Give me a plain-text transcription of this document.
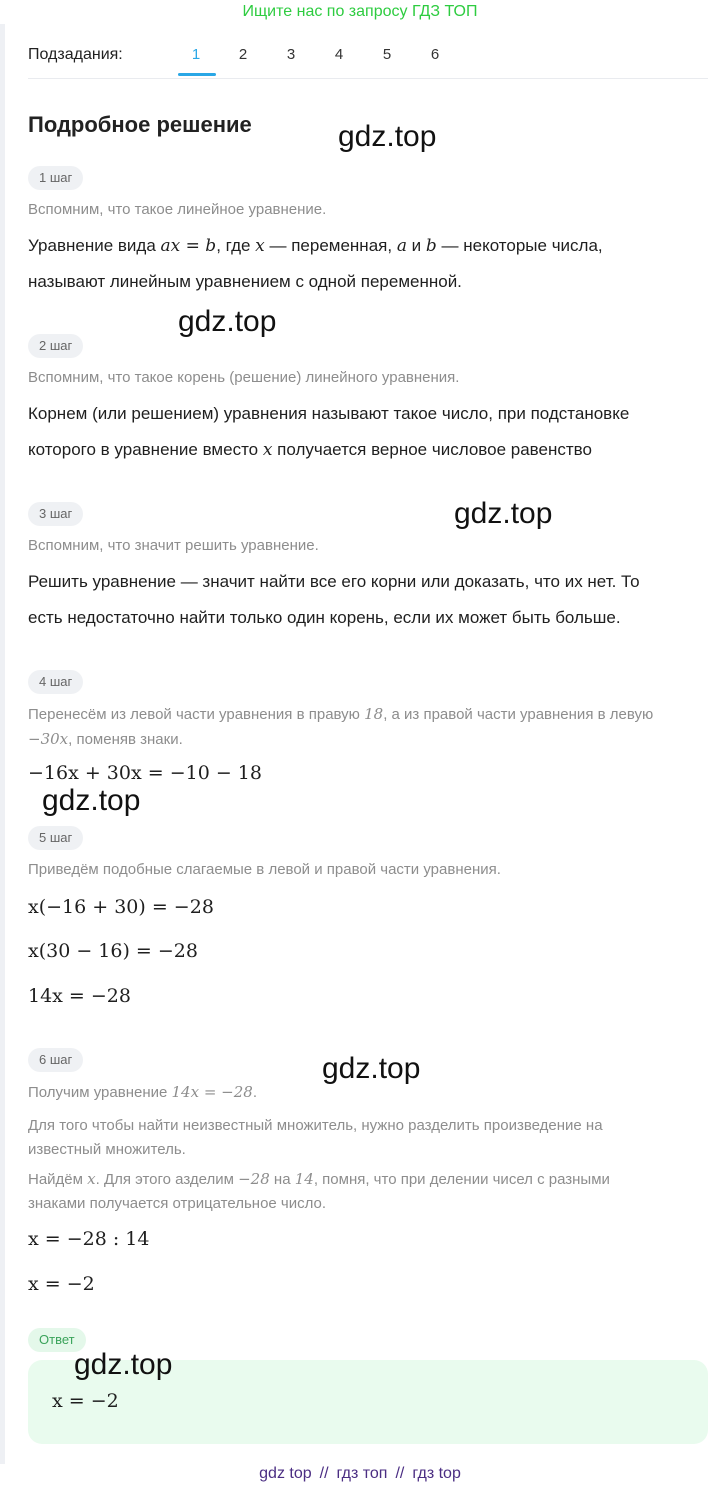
Ищите нас по запросу ГДЗ ТОП
Подзадания:	1	2	3	4	5	6
Подробное решение	gdz.top
gdz.top
gdz.top
gdz.top
gdz.top
gdz.top
1 шаг
Вспомним, что такое линейное уравнение.
Уравнение вида ax = b, где x — переменная, a и b — некоторые числа,
называют линейным уравнением с одной переменной.
2 шаг
Вспомним, что такое корень (решение) линейного уравнения.
Корнем (или решением) уравнения называют такое число, при подстановке
которого в уравнение вместо x получается верное числовое равенство
3 шаг
Вспомним, что значит решить уравнение.
Решить уравнение — значит найти все его корни или доказать, что их нет. То
есть недостаточно найти только один корень, если их может быть больше.
4 шаг
Перенесём из левой части уравнения в правую 18, а из правой части уравнения в левую
−30x, поменяв знаки.
−16x + 30x = −10 − 18
5 шаг
Приведём подобные слагаемые в левой и правой части уравнения.
x(−16 + 30) = −28
x(30 − 16) = −28
14x = −28
6 шаг
Получим уравнение 14x = −28.
Для того чтобы найти неизвестный множитель, нужно разделить произведение на
известный множитель.
Найдём x. Для этого азделим −28 на 14, помня, что при делении чисел с разными
знаками получается отрицательное число.
x = −28 : 14
x = −2
Ответ
x = −2
gdz top // гдз топ // гдз top
